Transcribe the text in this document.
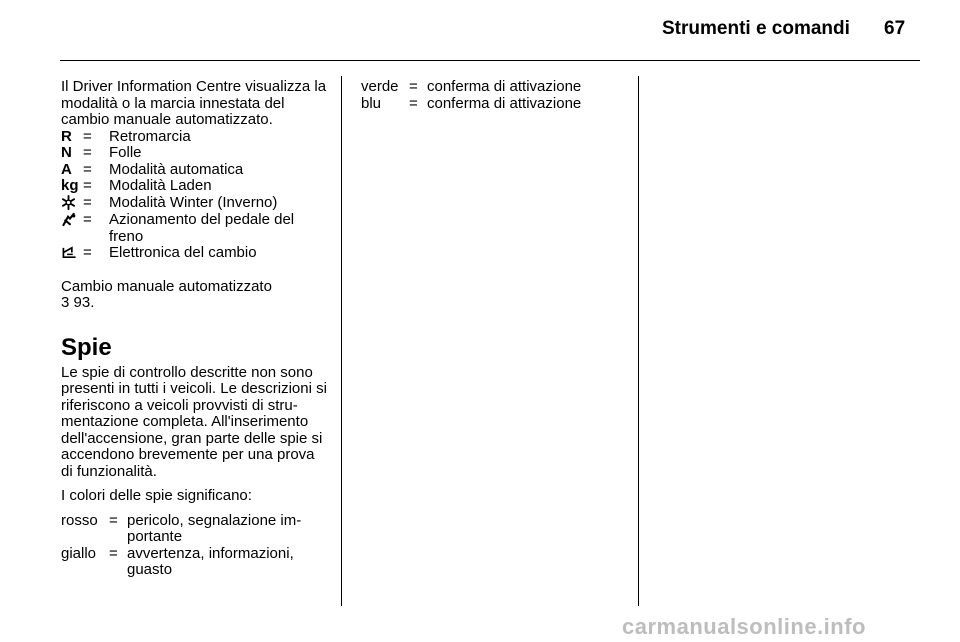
Strumenti e comandi 67

Il Driver Information Centre visualizza la modalità o la marcia innestata del cambio manuale automatizzato.

R =	Retromarcia
N =	Folle
A =	Modalità automatica
kg =	Modalità Laden
=	Modalità Winter (Inverno)
=	Azionamento del pedale del freno
=	Elettronica del cambio
Cambio manuale automatizzato
3 93.
Spie

Le spie di controllo descritte non sono presenti in tutti i veicoli. Le descrizioni si riferiscono a veicoli provvisti di stru-mentazione completa. All'inserimento dell'accensione, gran parte delle spie si accendono brevemente per una prova di funzionalità.

I colori delle spie significano:

rosso = pericolo, segnalazione im-portante
giallo = avvertenza, informazioni, guasto
verde = conferma di attivazione
blu	= conferma di attivazione
carmanualsonline.info
